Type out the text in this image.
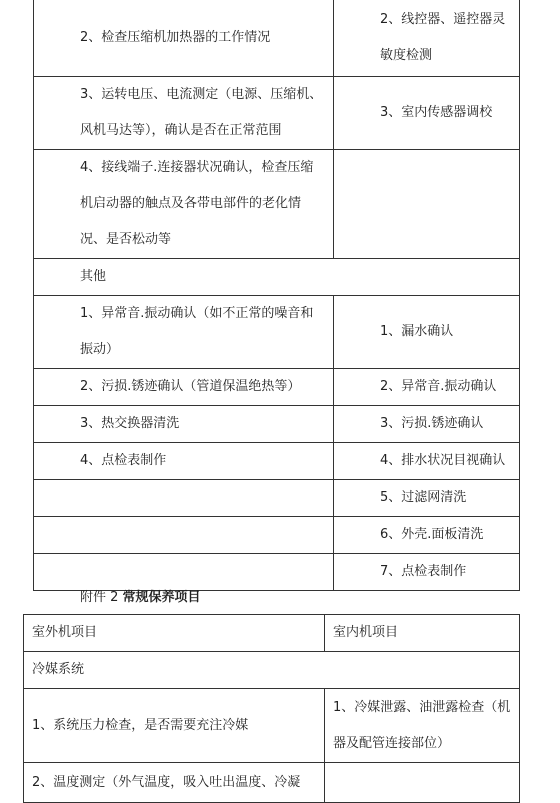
2、检查压缩机加热器的工作情况	2、线控器、遥控器灵
敏度检测

3、运转电压、电流测定（电源、压缩机、
风机马达等），确认是否在正常范围	3、室内传感器调校

4、接线端子.连接器状况确认，检查压缩
机启动器的触点及各带电部件的老化情
况、是否松动等	

其他	

1、异常音.振动确认（如不正常的噪音和
振动）	1、漏水确认

2、污损.锈迹确认（管道保温绝热等）	2、异常音.振动确认

3、热交换器清洗	3、污损.锈迹确认

4、点检表制作	4、排水状况目视确认

	5、过滤网清洗

	6、外壳.面板清洗

	7、点检表制作
附件 2 常规保养项目
室外机项目	室内机项目

冷媒系统	

1、系统压力检查，是否需要充注冷媒	1、冷媒泄露、油泄露检查（机
器及配管连接部位）

2、温度测定（外气温度，吸入吐出温度、冷凝	
